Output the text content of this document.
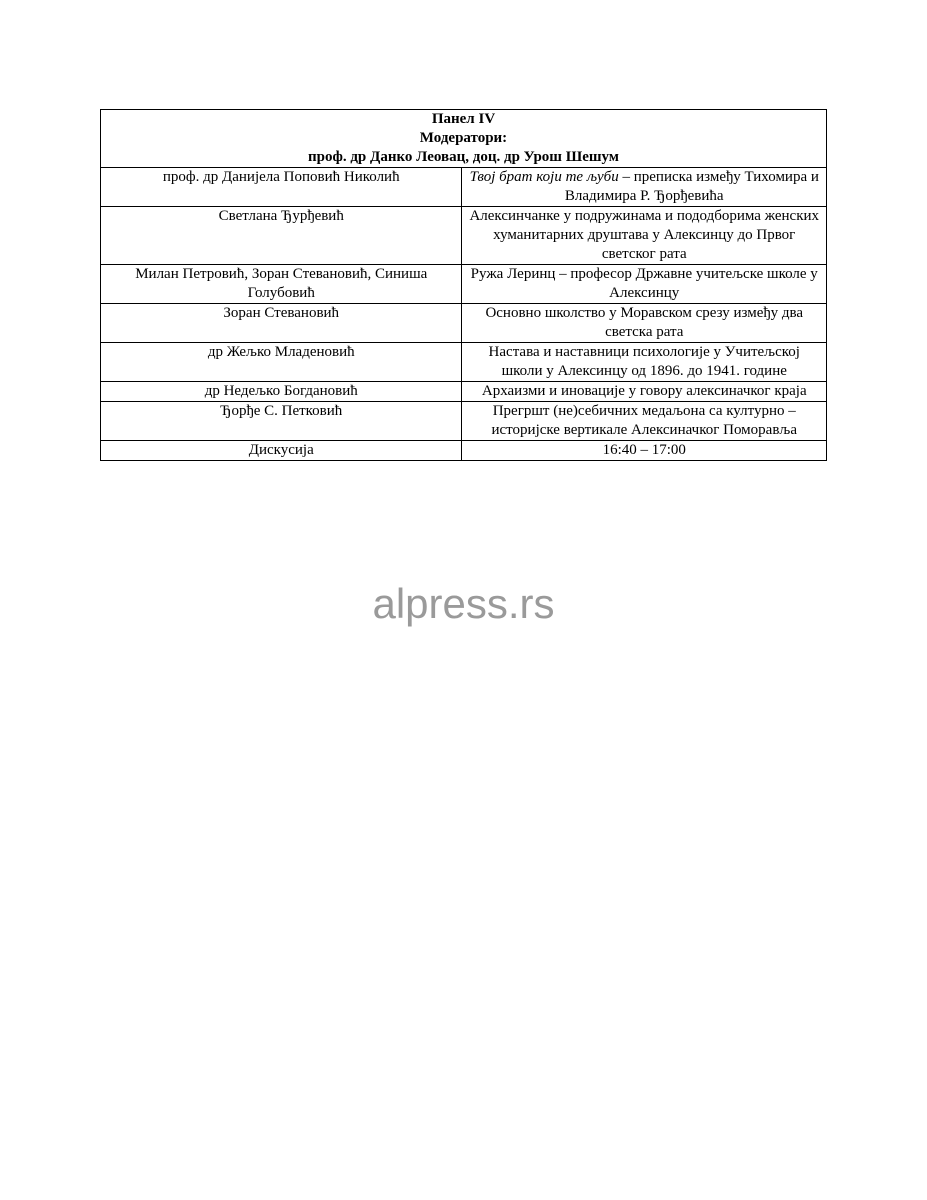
Панел IV
Модератори:
проф. др Данко Леовац, доц. др Урош Шешум	

проф. др Данијела Поповић Николић	Твој брат који те љуби – преписка између Тихомира и Владимира Р. Ђорђевића
Светлана Ђурђевић	Алексинчанке у подружинама и пододборима женских хуманитарних друштава у Алексинцу до Првог светског рата
Милан Петровић, Зоран Стевановић, Синиша Голубовић	Ружа Леринц – професор Државне учитељске школе у Алексинцу
Зоран Стевановић	Основно школство у Моравском срезу између два светска рата
др Жељко Младеновић	Настава и наставници психологије у Учитељској школи у Алексинцу од 1896. до 1941. године
др Недељко Богдановић	Архаизми и иновације у говору алексиначког краја
Ђорђе С. Петковић	Прегршт (не)себичних медаљона са културно – историјске вертикале Алексиначког Поморавља
Дискусија	16:40 – 17:00
alpress.rs
